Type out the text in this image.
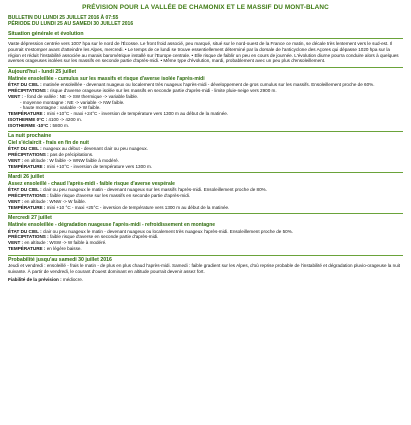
PRÉVISION POUR LA VALLÉE DE CHAMONIX ET LE MASSIF DU MONT-BLANC
BULLETIN DU LUNDI 25 JUILLET 2016 À 07:55
PÉRIODE DU LUNDI 25 AU SAMEDI 30 JUILLET 2016
Situation générale et évolution

Vaste dépression centrée vers 1007 hpa sur le nord de l'Écosse. Le front froid associé, peu marqué, situé sur le nord-ouest de la France ce matin, se décale très lentement vers le sud-est. Il pourrait s'estomper avant d'atteindre les Alpes, mercredi. • Le temps de ce lundi se trouve essentiellement déterminé par la dorsale de l'anticyclone des Açores qui dépasse 1020 hpa sur la région et réduit l'instabilité associée au marais barométrique installé sur l'Europe centrale. • Elle risque de faiblir un peu en cours de journée. L'évolution diurne pourra conduire alors à quelques averses orageuses isolées sur les massifs en seconde partie d'après-midi. • Même type d'évolution, mardi, probablement avec un peu plus d'ensoleillement.

Aujourd'hui - lundi 25 juillet
Matinée ensoleillée - cumulus sur les massifs et risque d'averse isolée l'après-midi

ÉTAT DU CIEL : matinée ensoleillée - devenant nuageux ou localement très nuageux l'après-midi - développement de gros cumulus sur les massifs. Ensoleillement proche de 60%.

PRÉCIPITATIONS : risque d'averse orageuse isolée sur les massifs en seconde partie d'après-midi - limite pluie-neige vers 2900 m.

VENT : - fond de vallée : NE -> SW thermique -> variable faible.

- moyenne montagne : NE -> variable -> NW faible.

- haute montagne : variable -> W faible.

TEMPÉRATURE : mini +10°C - maxi +24°C - inversion de température vers 1300 m au début de la matinée.

ISOTHERME 0°C : 4100 -> 4200 m.

ISOTHERME -10°C : 5800 m.

La nuit prochaine
Ciel s'éclaircit - frais en fin de nuit

ÉTAT DU CIEL : nuageux au début - devenant clair ou peu nuageux.

PRÉCIPITATIONS : pas de précipitations.

VENT : en altitude : W faible -> WNW faible à modéré.

TEMPÉRATURE : mini +10°C - inversion de température vers 1300 m.

Mardi 26 juillet
Assez ensoleillé - chaud l'après-midi - faible risque d'averse vespérale

ÉTAT DU CIEL : clair ou peu nuageux le matin - devenant nuageux sur les massifs l'après-midi. Ensoleillement proche de 80%.

PRÉCIPITATIONS : faible risque d'averse sur les massifs en seconde partie d'après-midi.

VENT : en altitude : WNW -> W faible.

TEMPÉRATURE : mini +10 °C - maxi +25°C - inversion de température vers 1300 m au début de la matinée.

Mercredi 27 juillet
Matinée ensoleillée - dégradation nuageuse l'après-midi - refroidissement en montagne

ÉTAT DU CIEL : clair ou peu nuageux le matin - devenant nuageux ou localement très nuageux l'après-midi. Ensoleillement proche de 50%.

PRÉCIPITATIONS : faible risque d'averse en seconde partie d'après-midi.

VENT : en altitude : WSW -> W faible à modéré.

TEMPÉRATURE : en légère baisse.

Probabilité jusqu'au samedi 30 juillet 2016

Jeudi et vendredi : ensoleillé - frais le matin - de plus en plus chaud l'après-midi. Samedi : faible gradient sur les Alpes, d'où reprise probable de l'instabilité et dégradation pluvio-orageuse la nuit suivante. À partir de vendredi, le courant d'ouest dominant en altitude pourrait devenir assez fort.

Fiabilité de la prévision : médiocre.
